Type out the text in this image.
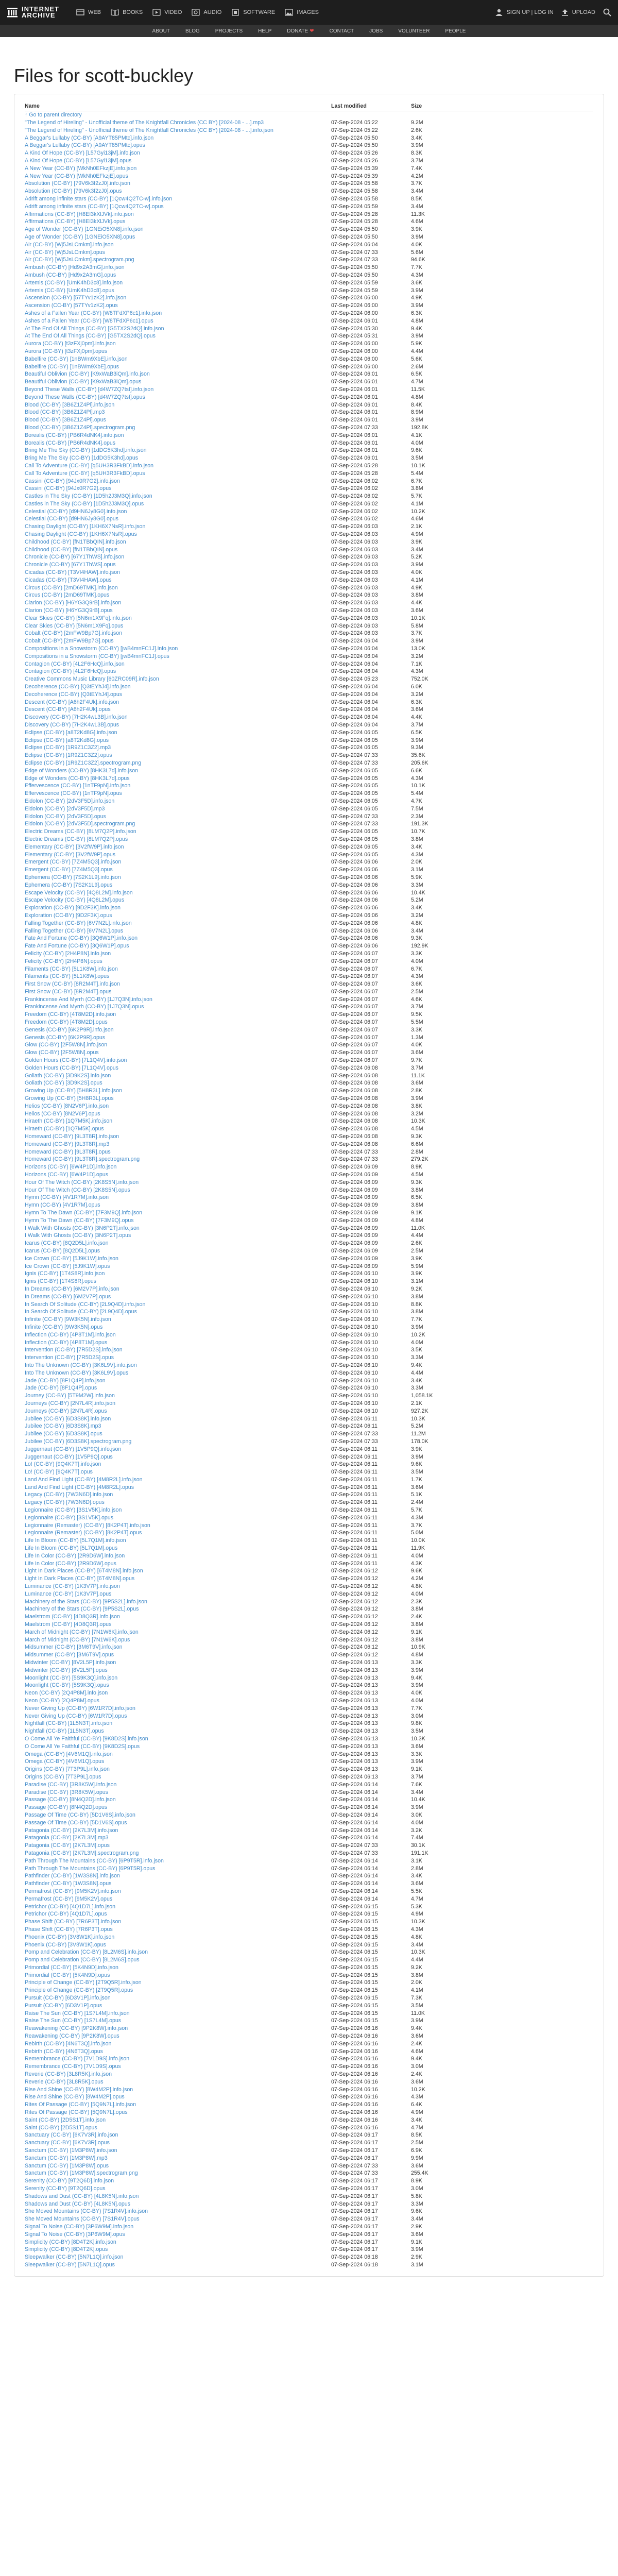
INTERNET
ARCHIVE	WEB	BOOKS	VIDEO	AUDIO	SOFTWARE	IMAGES	SIGN UP | LOG IN	UPLOAD
ABOUT	BLOG	PROJECTS	HELP	DONATE ❤	CONTACT	JOBS	VOLUNTEER	PEOPLE
Files for scott-buckley
Name	Last modified	Size
↑ Go to parent directory		
"The Legend of Hireling" - Unofficial theme of The Knightfall Chronicles (CC BY) [2024-08 - ...].mp3	07-Sep-2024 05:22	9.2M
"The Legend of Hireling" - Unofficial theme of The Knightfall Chronicles (CC BY) [2024-08 - ...].info.json	07-Sep-2024 05:22	2.6K
A Beggar's Lullaby (CC-BY) [A9AYT85PMtc].info.json	07-Sep-2024 05:50	3.4K
A Beggar's Lullaby (CC-BY) [A9AYT85PMtc].opus	07-Sep-2024 05:50	3.9M
A Kind Of Hope (CC-BY) [L57Gyi13jM].info.json	07-Sep-2024 05:26	8.3K
A Kind Of Hope (CC-BY) [L57Gyi13jM].opus	07-Sep-2024 05:26	3.7M
A New Year (CC-BY) [WkNh0EFkzjE].info.json	07-Sep-2024 05:39	7.4K
A New Year (CC-BY) [WkNh0EFkzjE].opus	07-Sep-2024 05:39	4.2M
Absolution (CC-BY) [79V6k3f2zJ0].info.json	07-Sep-2024 05:58	3.7K
Absolution (CC-BY) [79V6k3f2zJ0].opus	07-Sep-2024 05:58	3.4M
Adrift among infinite stars (CC-BY) [1Qcw4Q2TC-w].info.json	07-Sep-2024 05:58	8.5K
Adrift among infinite stars (CC-BY) [1Qcw4Q2TC-w].opus	07-Sep-2024 05:59	3.4M
Affirmations (CC-BY) [H8EI3kXlJVk].info.json	07-Sep-2024 05:28	11.3K
Affirmations (CC-BY) [H8EI3kXlJVk].opus	07-Sep-2024 05:28	4.6M
Age of Wonder (CC-BY) [1GNEiO5XN8].info.json	07-Sep-2024 05:50	3.9K
Age of Wonder (CC-BY) [1GNEiO5XN8].opus	07-Sep-2024 05:50	3.9M
Air (CC-BY) [Wj5JsLCmkm].info.json	07-Sep-2024 06:04	4.0K
Air (CC-BY) [Wj5JsLCmkm].opus	07-Sep-2024 07:33	5.6M
Air (CC-BY) [Wj5JsLCmkm].spectrogram.png	07-Sep-2024 07:33	94.6K
Ambush (CC-BY) [Hd9x2A3mG].info.json	07-Sep-2024 05:50	7.7K
Ambush (CC-BY) [Hd9x2A3mG].opus	07-Sep-2024 05:50	4.3M
Artemis (CC-BY) [UmK4hD3c8].info.json	07-Sep-2024 05:59	3.6K
Artemis (CC-BY) [UmK4hD3c8].opus	07-Sep-2024 05:59	3.9M
Ascension (CC-BY) [57TYv1zK2].info.json	07-Sep-2024 06:00	4.9K
Ascension (CC-BY) [57TYv1zK2].opus	07-Sep-2024 06:00	3.9M
Ashes of a Fallen Year (CC-BY) [W8TFdXP6c1].info.json	07-Sep-2024 06:00	6.3K
Ashes of a Fallen Year (CC-BY) [W8TFdXP6c1].opus	07-Sep-2024 06:01	4.8M
At The End Of All Things (CC-BY) [G5TX2S2dQ].info.json	07-Sep-2024 05:30	9.4K
At The End Of All Things (CC-BY) [G5TX2S2dQ].opus	07-Sep-2024 05:31	3.9M
Aurora (CC-BY) [t3zFXj0pm].info.json	07-Sep-2024 06:00	5.9K
Aurora (CC-BY) [t3zFXj0pm].opus	07-Sep-2024 06:00	4.4M
Babelfire (CC-BY) [1nBWm9XbE].info.json	07-Sep-2024 06:00	5.6K
Babelfire (CC-BY) [1nBWm9XbE].opus	07-Sep-2024 06:00	2.6M
Beautiful Oblivion (CC-BY) [K9xWaB3iQm].info.json	07-Sep-2024 06:01	6.5K
Beautiful Oblivion (CC-BY) [K9xWaB3iQm].opus	07-Sep-2024 06:01	4.7M
Beyond These Walls (CC-BY) [d4W7ZQ7tsI].info.json	07-Sep-2024 06:01	11.5K
Beyond These Walls (CC-BY) [d4W7ZQ7tsI].opus	07-Sep-2024 06:01	4.8M
Blood (CC-BY) [3B6Z1Z4Pl].info.json	07-Sep-2024 06:01	8.4K
Blood (CC-BY) [3B6Z1Z4Pl].mp3	07-Sep-2024 06:01	8.9M
Blood (CC-BY) [3B6Z1Z4Pl].opus	07-Sep-2024 06:01	3.9M
Blood (CC-BY) [3B6Z1Z4Pl].spectrogram.png	07-Sep-2024 07:33	192.8K
Borealis (CC-BY) [PB6R4dNK4].info.json	07-Sep-2024 06:01	4.1K
Borealis (CC-BY) [PB6R4dNK4].opus	07-Sep-2024 06:01	4.0M
Bring Me The Sky (CC-BY) [1dDG5K3hd].info.json	07-Sep-2024 06:01	9.6K
Bring Me The Sky (CC-BY) [1dDG5K3hd].opus	07-Sep-2024 06:01	3.5M
Call To Adventure (CC-BY) [q5UH3R3FkBD].info.json	07-Sep-2024 05:28	10.1K
Call To Adventure (CC-BY) [q5UH3R3FkBD].opus	07-Sep-2024 05:28	5.4M
Cassini (CC-BY) [94Jx0R7G2].info.json	07-Sep-2024 06:02	6.7K
Cassini (CC-BY) [94Jx0R7G2].opus	07-Sep-2024 06:02	3.8M
Castles in The Sky (CC-BY) [1D5h2J3M3Q].info.json	07-Sep-2024 06:02	5.7K
Castles in The Sky (CC-BY) [1D5h2J3M3Q].opus	07-Sep-2024 06:02	4.1M
Celestial (CC-BY) [d9HN6Jy8G0].info.json	07-Sep-2024 06:02	10.2K
Celestial (CC-BY) [d9HN6Jy8G0].opus	07-Sep-2024 06:02	4.6M
Chasing Daylight (CC-BY) [1KH6X7NsR].info.json	07-Sep-2024 06:03	2.1K
Chasing Daylight (CC-BY) [1KH6X7NsR].opus	07-Sep-2024 06:03	4.9M
Childhood (CC-BY) [fN1TBbQIN].info.json	07-Sep-2024 06:03	3.9K
Childhood (CC-BY) [fN1TBbQIN].opus	07-Sep-2024 06:03	3.4M
Chronicle (CC-BY) [67Y1ThWS].info.json	07-Sep-2024 06:03	5.2K
Chronicle (CC-BY) [67Y1ThWS].opus	07-Sep-2024 06:03	3.9M
Cicadas (CC-BY) [T3VI4HAW].info.json	07-Sep-2024 06:03	4.0K
Cicadas (CC-BY) [T3VI4HAW].opus	07-Sep-2024 06:03	4.1M
Circus (CC-BY) [2mD69TMK].info.json	07-Sep-2024 06:03	4.9K
Circus (CC-BY) [2mD69TMK].opus	07-Sep-2024 06:03	3.8M
Clarion (CC-BY) [H6YG3Q9rB].info.json	07-Sep-2024 06:03	4.4K
Clarion (CC-BY) [H6YG3Q9rB].opus	07-Sep-2024 06:03	3.6M
Clear Skies (CC-BY) [5N6m1X9Fq].info.json	07-Sep-2024 06:03	10.1K
Clear Skies (CC-BY) [5N6m1X9Fq].opus	07-Sep-2024 06:03	5.8M
Cobalt (CC-BY) [2mFW9Bp7G].info.json	07-Sep-2024 06:03	3.7K
Cobalt (CC-BY) [2mFW9Bp7G].opus	07-Sep-2024 06:04	3.9M
Compositions in a Snowstorm (CC-BY) [jwB4mnFC1J].info.json	07-Sep-2024 06:04	13.0K
Compositions in a Snowstorm (CC-BY) [jwB4mnFC1J].opus	07-Sep-2024 06:04	3.2M
Contagion (CC-BY) [4L2F6HcQ].info.json	07-Sep-2024 06:04	7.1K
Contagion (CC-BY) [4L2F6HcQ].opus	07-Sep-2024 06:04	4.3M
Creative Commons Music Library [60ZRC09R].info.json	07-Sep-2024 05:23	752.0K
Decoherence (CC-BY) [Q3tEYhJ4].info.json	07-Sep-2024 06:04	6.0K
Decoherence (CC-BY) [Q3tEYhJ4].opus	07-Sep-2024 06:04	3.2M
Descent (CC-BY) [A6h2F4Uk].info.json	07-Sep-2024 06:04	6.3K
Descent (CC-BY) [A6h2F4Uk].opus	07-Sep-2024 06:04	3.6M
Discovery (CC-BY) [7H2K4wL3B].info.json	07-Sep-2024 06:04	4.4K
Discovery (CC-BY) [7H2K4wL3B].opus	07-Sep-2024 06:04	3.7M
Eclipse (CC-BY) [a8T2Kd8G].info.json	07-Sep-2024 06:05	6.5K
Eclipse (CC-BY) [a8T2Kd8G].opus	07-Sep-2024 06:05	3.9M
Eclipse (CC-BY) [1R9Z1C3Z2].mp3	07-Sep-2024 06:05	9.3M
Eclipse (CC-BY) [1R9Z1C3Z2].opus	07-Sep-2024 07:33	35.6K
Eclipse (CC-BY) [1R9Z1C3Z2].spectrogram.png	07-Sep-2024 07:33	205.6K
Edge of Wonders (CC-BY) [8HK3L7d].info.json	07-Sep-2024 06:05	6.6K
Edge of Wonders (CC-BY) [8HK3L7d].opus	07-Sep-2024 06:05	4.3M
Effervescence (CC-BY) [1nTF9pN].info.json	07-Sep-2024 06:05	10.1K
Effervescence (CC-BY) [1nTF9pN].opus	07-Sep-2024 06:05	5.4M
Eidolon (CC-BY) [2dV3F5D].info.json	07-Sep-2024 06:05	4.7K
Eidolon (CC-BY) [2dV3F5D].mp3	07-Sep-2024 06:05	7.5M
Eidolon (CC-BY) [2dV3F5D].opus	07-Sep-2024 07:33	2.3M
Eidolon (CC-BY) [2dV3F5D].spectrogram.png	07-Sep-2024 07:33	191.3K
Electric Dreams (CC-BY) [8LM7Q2P].info.json	07-Sep-2024 06:05	10.7K
Electric Dreams (CC-BY) [8LM7Q2P].opus	07-Sep-2024 06:05	3.8M
Elementary (CC-BY) [3V2fW9P].info.json	07-Sep-2024 06:05	3.4K
Elementary (CC-BY) [3V2fW9P].opus	07-Sep-2024 06:05	4.3M
Emergent (CC-BY) [7Z4M5Q3].info.json	07-Sep-2024 06:06	2.0K
Emergent (CC-BY) [7Z4M5Q3].opus	07-Sep-2024 06:06	3.1M
Ephemera (CC-BY) [7S2K1L9].info.json	07-Sep-2024 06:06	5.9K
Ephemera (CC-BY) [7S2K1L9].opus	07-Sep-2024 06:06	3.3M
Escape Velocity (CC-BY) [4Q8L2M].info.json	07-Sep-2024 06:06	10.4K
Escape Velocity (CC-BY) [4Q8L2M].opus	07-Sep-2024 06:06	5.2M
Exploration (CC-BY) [9D2F3K].info.json	07-Sep-2024 06:06	3.4K
Exploration (CC-BY) [9D2F3K].opus	07-Sep-2024 06:06	3.2M
Falling Together (CC-BY) [6V7N2L].info.json	07-Sep-2024 06:06	4.8K
Falling Together (CC-BY) [6V7N2L].opus	07-Sep-2024 06:06	3.4M
Fate And Fortune (CC-BY) [3Q6W1P].info.json	07-Sep-2024 06:06	9.3K
Fate And Fortune (CC-BY) [3Q6W1P].opus	07-Sep-2024 06:06	192.9K
Felicity (CC-BY) [2H4P8N].info.json	07-Sep-2024 06:07	3.3K
Felicity (CC-BY) [2H4P8N].opus	07-Sep-2024 06:07	4.0M
Filaments (CC-BY) [5L1K8W].info.json	07-Sep-2024 06:07	6.7K
Filaments (CC-BY) [5L1K8W].opus	07-Sep-2024 06:07	4.3M
First Snow (CC-BY) [8R2M4T].info.json	07-Sep-2024 06:07	3.6K
First Snow (CC-BY) [8R2M4T].opus	07-Sep-2024 06:07	2.5M
Frankincense And Myrrh (CC-BY) [1J7Q3N].info.json	07-Sep-2024 06:07	4.6K
Frankincense And Myrrh (CC-BY) [1J7Q3N].opus	07-Sep-2024 06:07	3.7M
Freedom (CC-BY) [4T8M2D].info.json	07-Sep-2024 06:07	9.5K
Freedom (CC-BY) [4T8M2D].opus	07-Sep-2024 06:07	5.5M
Genesis (CC-BY) [6K2P9R].info.json	07-Sep-2024 06:07	3.3K
Genesis (CC-BY) [6K2P9R].opus	07-Sep-2024 06:07	1.3M
Glow (CC-BY) [2F5W8N].info.json	07-Sep-2024 06:07	4.0K
Glow (CC-BY) [2F5W8N].opus	07-Sep-2024 06:07	3.6M
Golden Hours (CC-BY) [7L1Q4V].info.json	07-Sep-2024 06:07	9.7K
Golden Hours (CC-BY) [7L1Q4V].opus	07-Sep-2024 06:08	3.7M
Goliath (CC-BY) [3D9K2S].info.json	07-Sep-2024 06:08	11.1K
Goliath (CC-BY) [3D9K2S].opus	07-Sep-2024 06:08	3.6M
Growing Up (CC-BY) [5H8R3L].info.json	07-Sep-2024 06:08	2.8K
Growing Up (CC-BY) [5H8R3L].opus	07-Sep-2024 06:08	3.9M
Helios (CC-BY) [8N2V6P].info.json	07-Sep-2024 06:08	3.8K
Helios (CC-BY) [8N2V6P].opus	07-Sep-2024 06:08	3.2M
Hiraeth (CC-BY) [1Q7M5K].info.json	07-Sep-2024 06:08	10.3K
Hiraeth (CC-BY) [1Q7M5K].opus	07-Sep-2024 06:08	4.5M
Homeward (CC-BY) [9L3T8R].info.json	07-Sep-2024 06:08	9.3K
Homeward (CC-BY) [9L3T8R].mp3	07-Sep-2024 06:08	6.6M
Homeward (CC-BY) [9L3T8R].opus	07-Sep-2024 07:33	2.8M
Homeward (CC-BY) [9L3T8R].spectrogram.png	07-Sep-2024 07:33	279.2K
Horizons (CC-BY) [6W4P1D].info.json	07-Sep-2024 06:09	8.9K
Horizons (CC-BY) [6W4P1D].opus	07-Sep-2024 06:09	4.5M
Hour Of The Witch (CC-BY) [2K8S5N].info.json	07-Sep-2024 06:09	9.3K
Hour Of The Witch (CC-BY) [2K8S5N].opus	07-Sep-2024 06:09	3.8M
Hymn (CC-BY) [4V1R7M].info.json	07-Sep-2024 06:09	6.5K
Hymn (CC-BY) [4V1R7M].opus	07-Sep-2024 06:09	3.8M
Hymn To The Dawn (CC-BY) [7F3M9Q].info.json	07-Sep-2024 06:09	9.1K
Hymn To The Dawn (CC-BY) [7F3M9Q].opus	07-Sep-2024 06:09	4.8M
I Walk With Ghosts (CC-BY) [3N6P2T].info.json	07-Sep-2024 06:09	11.0K
I Walk With Ghosts (CC-BY) [3N6P2T].opus	07-Sep-2024 06:09	4.4M
Icarus (CC-BY) [8Q2D5L].info.json	07-Sep-2024 06:09	2.6K
Icarus (CC-BY) [8Q2D5L].opus	07-Sep-2024 06:09	2.5M
Ice Crown (CC-BY) [5J9K1W].info.json	07-Sep-2024 06:09	3.9K
Ice Crown (CC-BY) [5J9K1W].opus	07-Sep-2024 06:09	5.9M
Ignis (CC-BY) [1T4S8R].info.json	07-Sep-2024 06:10	3.9K
Ignis (CC-BY) [1T4S8R].opus	07-Sep-2024 06:10	3.1M
In Dreams (CC-BY) [6M2V7P].info.json	07-Sep-2024 06:10	9.2K
In Dreams (CC-BY) [6M2V7P].opus	07-Sep-2024 06:10	3.8M
In Search Of Solitude (CC-BY) [2L9Q4D].info.json	07-Sep-2024 06:10	8.8K
In Search Of Solitude (CC-BY) [2L9Q4D].opus	07-Sep-2024 06:10	3.8M
Infinite (CC-BY) [9W3K5N].info.json	07-Sep-2024 06:10	7.7K
Infinite (CC-BY) [9W3K5N].opus	07-Sep-2024 06:10	3.9M
Inflection (CC-BY) [4P8T1M].info.json	07-Sep-2024 06:10	10.2K
Inflection (CC-BY) [4P8T1M].opus	07-Sep-2024 06:10	4.0M
Intervention (CC-BY) [7R5D2S].info.json	07-Sep-2024 06:10	3.5K
Intervention (CC-BY) [7R5D2S].opus	07-Sep-2024 06:10	3.3M
Into The Unknown (CC-BY) [3K6L9V].info.json	07-Sep-2024 06:10	9.4K
Into The Unknown (CC-BY) [3K6L9V].opus	07-Sep-2024 06:10	4.4M
Jade (CC-BY) [8F1Q4P].info.json	07-Sep-2024 06:10	3.4K
Jade (CC-BY) [8F1Q4P].opus	07-Sep-2024 06:10	3.3M
Journey (CC-BY) [5T9M2W].info.json	07-Sep-2024 06:10	1,058.1K
Journeys (CC-BY) [2N7L4R].info.json	07-Sep-2024 06:10	2.1K
Journeys (CC-BY) [2N7L4R].opus	07-Sep-2024 06:10	927.2K
Jubilee (CC-BY) [6D3S8K].info.json	07-Sep-2024 06:11	10.3K
Jubilee (CC-BY) [6D3S8K].mp3	07-Sep-2024 06:11	5.2M
Jubilee (CC-BY) [6D3S8K].opus	07-Sep-2024 07:33	11.2M
Jubilee (CC-BY) [6D3S8K].spectrogram.png	07-Sep-2024 07:33	178.0K
Juggernaut (CC-BY) [1V5P9Q].info.json	07-Sep-2024 06:11	3.9K
Juggernaut (CC-BY) [1V5P9Q].opus	07-Sep-2024 06:11	3.9M
Lo! (CC-BY) [9Q4K7T].info.json	07-Sep-2024 06:11	9.6K
Lo! (CC-BY) [9Q4K7T].opus	07-Sep-2024 06:11	3.5M
Land And Find Light (CC-BY) [4M8R2L].info.json	07-Sep-2024 06:11	1.7K
Land And Find Light (CC-BY) [4M8R2L].opus	07-Sep-2024 06:11	3.6M
Legacy (CC-BY) [7W3N6D].info.json	07-Sep-2024 06:11	5.1K
Legacy (CC-BY) [7W3N6D].opus	07-Sep-2024 06:11	2.4M
Legionnaire (CC-BY) [3S1V5K].info.json	07-Sep-2024 06:11	5.7K
Legionnaire (CC-BY) [3S1V5K].opus	07-Sep-2024 06:11	4.3M
Legionnaire (Remaster) (CC-BY) [8K2P4T].info.json	07-Sep-2024 06:11	3.7K
Legionnaire (Remaster) (CC-BY) [8K2P4T].opus	07-Sep-2024 06:11	5.0M
Life In Bloom (CC-BY) [5L7Q1M].info.json	07-Sep-2024 06:11	10.0K
Life In Bloom (CC-BY) [5L7Q1M].opus	07-Sep-2024 06:11	11.9K
Life In Color (CC-BY) [2R9D6W].info.json	07-Sep-2024 06:11	4.0M
Life In Color (CC-BY) [2R9D6W].opus	07-Sep-2024 06:11	4.3K
Light In Dark Places (CC-BY) [6T4M8N].info.json	07-Sep-2024 06:12	9.6K
Light In Dark Places (CC-BY) [6T4M8N].opus	07-Sep-2024 06:12	4.2M
Luminance (CC-BY) [1K3V7P].info.json	07-Sep-2024 06:12	4.8K
Luminance (CC-BY) [1K3V7P].opus	07-Sep-2024 06:12	4.0M
Machinery of the Stars (CC-BY) [9P5S2L].info.json	07-Sep-2024 06:12	2.3K
Machinery of the Stars (CC-BY) [9P5S2L].opus	07-Sep-2024 06:12	3.8M
Maelstrom (CC-BY) [4D8Q3R].info.json	07-Sep-2024 06:12	2.4K
Maelstrom (CC-BY) [4D8Q3R].opus	07-Sep-2024 06:12	3.8M
March of Midnight (CC-BY) [7N1W6K].info.json	07-Sep-2024 06:12	9.1K
March of Midnight (CC-BY) [7N1W6K].opus	07-Sep-2024 06:12	3.8M
Midsummer (CC-BY) [3M6T9V].info.json	07-Sep-2024 06:12	10.9K
Midsummer (CC-BY) [3M6T9V].opus	07-Sep-2024 06:12	4.8M
Midwinter (CC-BY) [8V2L5P].info.json	07-Sep-2024 06:13	3.3K
Midwinter (CC-BY) [8V2L5P].opus	07-Sep-2024 06:13	3.9M
Moonlight (CC-BY) [5S9K3Q].info.json	07-Sep-2024 06:13	9.4K
Moonlight (CC-BY) [5S9K3Q].opus	07-Sep-2024 06:13	3.9M
Neon (CC-BY) [2Q4P8M].info.json	07-Sep-2024 06:13	4.0K
Neon (CC-BY) [2Q4P8M].opus	07-Sep-2024 06:13	4.0M
Never Giving Up (CC-BY) [6W1R7D].info.json	07-Sep-2024 06:13	7.7K
Never Giving Up (CC-BY) [6W1R7D].opus	07-Sep-2024 06:13	3.0M
Nightfall (CC-BY) [1L5N3T].info.json	07-Sep-2024 06:13	9.8K
Nightfall (CC-BY) [1L5N3T].opus	07-Sep-2024 06:13	3.5M
O Come All Ye Faithful (CC-BY) [9K8D2S].info.json	07-Sep-2024 06:13	10.3K
O Come All Ye Faithful (CC-BY) [9K8D2S].opus	07-Sep-2024 06:13	3.6M
Omega (CC-BY) [4V6M1Q].info.json	07-Sep-2024 06:13	3.3K
Omega (CC-BY) [4V6M1Q].opus	07-Sep-2024 06:13	3.9M
Origins (CC-BY) [7T3P9L].info.json	07-Sep-2024 06:13	9.1K
Origins (CC-BY) [7T3P9L].opus	07-Sep-2024 06:13	3.7M
Paradise (CC-BY) [3R8K5W].info.json	07-Sep-2024 06:14	7.6K
Paradise (CC-BY) [3R8K5W].opus	07-Sep-2024 06:14	3.4M
Passage (CC-BY) [8N4Q2D].info.json	07-Sep-2024 06:14	10.4K
Passage (CC-BY) [8N4Q2D].opus	07-Sep-2024 06:14	3.9M
Passage Of Time (CC-BY) [5D1V6S].info.json	07-Sep-2024 06:14	3.0K
Passage Of Time (CC-BY) [5D1V6S].opus	07-Sep-2024 06:14	4.0M
Patagonia (CC-BY) [2K7L3M].info.json	07-Sep-2024 06:14	3.2K
Patagonia (CC-BY) [2K7L3M].mp3	07-Sep-2024 06:14	7.4M
Patagonia (CC-BY) [2K7L3M].opus	07-Sep-2024 07:33	30.1K
Patagonia (CC-BY) [2K7L3M].spectrogram.png	07-Sep-2024 07:33	191.1K
Path Through The Mountains (CC-BY) [6P9T5R].info.json	07-Sep-2024 06:14	3.1K
Path Through The Mountains (CC-BY) [6P9T5R].opus	07-Sep-2024 06:14	2.8M
Pathfinder (CC-BY) [1W3S8N].info.json	07-Sep-2024 06:14	3.4K
Pathfinder (CC-BY) [1W3S8N].opus	07-Sep-2024 06:14	3.6M
Permafrost (CC-BY) [9M5K2V].info.json	07-Sep-2024 06:14	5.5K
Permafrost (CC-BY) [9M5K2V].opus	07-Sep-2024 06:14	4.7M
Petrichor (CC-BY) [4Q1D7L].info.json	07-Sep-2024 06:15	5.3K
Petrichor (CC-BY) [4Q1D7L].opus	07-Sep-2024 06:15	4.9M
Phase Shift (CC-BY) [7R6P3T].info.json	07-Sep-2024 06:15	10.3K
Phase Shift (CC-BY) [7R6P3T].opus	07-Sep-2024 06:15	4.3M
Phoenix (CC-BY) [3V8W1K].info.json	07-Sep-2024 06:15	4.8K
Phoenix (CC-BY) [3V8W1K].opus	07-Sep-2024 06:15	3.4M
Pomp and Celebration (CC-BY) [8L2M6S].info.json	07-Sep-2024 06:15	10.3K
Pomp and Celebration (CC-BY) [8L2M6S].opus	07-Sep-2024 06:15	4.4M
Primordial (CC-BY) [5K4N9D].info.json	07-Sep-2024 06:15	9.2K
Primordial (CC-BY) [5K4N9D].opus	07-Sep-2024 06:15	3.8M
Principle of Change (CC-BY) [2T9Q5R].info.json	07-Sep-2024 06:15	2.0K
Principle of Change (CC-BY) [2T9Q5R].opus	07-Sep-2024 06:15	4.1M
Pursuit (CC-BY) [6D3V1P].info.json	07-Sep-2024 06:15	7.3K
Pursuit (CC-BY) [6D3V1P].opus	07-Sep-2024 06:15	3.5M
Raise The Sun (CC-BY) [1S7L4M].info.json	07-Sep-2024 06:15	11.0K
Raise The Sun (CC-BY) [1S7L4M].opus	07-Sep-2024 06:15	3.9M
Reawakening (CC-BY) [9P2K8W].info.json	07-Sep-2024 06:16	9.4K
Reawakening (CC-BY) [9P2K8W].opus	07-Sep-2024 06:16	3.6M
Rebirth (CC-BY) [4N6T3Q].info.json	07-Sep-2024 06:16	2.4K
Rebirth (CC-BY) [4N6T3Q].opus	07-Sep-2024 06:16	4.6M
Remembrance (CC-BY) [7V1D9S].info.json	07-Sep-2024 06:16	9.4K
Remembrance (CC-BY) [7V1D9S].opus	07-Sep-2024 06:16	3.0M
Reverie (CC-BY) [3L8R5K].info.json	07-Sep-2024 06:16	2.4K
Reverie (CC-BY) [3L8R5K].opus	07-Sep-2024 06:16	3.6M
Rise And Shine (CC-BY) [8W4M2P].info.json	07-Sep-2024 06:16	10.2K
Rise And Shine (CC-BY) [8W4M2P].opus	07-Sep-2024 06:16	4.3M
Rites Of Passage (CC-BY) [5Q9N7L].info.json	07-Sep-2024 06:16	6.4K
Rites Of Passage (CC-BY) [5Q9N7L].opus	07-Sep-2024 06:16	4.9M
Saint (CC-BY) [2D5S1T].info.json	07-Sep-2024 06:16	3.4K
Saint (CC-BY) [2D5S1T].opus	07-Sep-2024 06:16	4.7M
Sanctuary (CC-BY) [6K7V3R].info.json	07-Sep-2024 06:17	8.5K
Sanctuary (CC-BY) [6K7V3R].opus	07-Sep-2024 06:17	2.5M
Sanctum (CC-BY) [1M3P8W].info.json	07-Sep-2024 06:17	6.9K
Sanctum (CC-BY) [1M3P8W].mp3	07-Sep-2024 06:17	9.9M
Sanctum (CC-BY) [1M3P8W].opus	07-Sep-2024 07:33	3.6M
Sanctum (CC-BY) [1M3P8W].spectrogram.png	07-Sep-2024 07:33	255.4K
Serenity (CC-BY) [9T2Q6D].info.json	07-Sep-2024 06:17	8.9K
Serenity (CC-BY) [9T2Q6D].opus	07-Sep-2024 06:17	3.0M
Shadows and Dust (CC-BY) [4L8K5N].info.json	07-Sep-2024 06:17	5.8K
Shadows and Dust (CC-BY) [4L8K5N].opus	07-Sep-2024 06:17	3.3M
She Moved Mountains (CC-BY) [7S1R4V].info.json	07-Sep-2024 06:17	9.6K
She Moved Mountains (CC-BY) [7S1R4V].opus	07-Sep-2024 06:17	3.4M
Signal To Noise (CC-BY) [3P6W9M].info.json	07-Sep-2024 06:17	2.9K
Signal To Noise (CC-BY) [3P6W9M].opus	07-Sep-2024 06:17	3.6M
Simplicity (CC-BY) [8D4T2K].info.json	07-Sep-2024 06:17	9.1K
Simplicity (CC-BY) [8D4T2K].opus	07-Sep-2024 06:17	3.9M
Sleepwalker (CC-BY) [5N7L1Q].info.json	07-Sep-2024 06:18	2.9K
Sleepwalker (CC-BY) [5N7L1Q].opus	07-Sep-2024 06:18	3.1M
